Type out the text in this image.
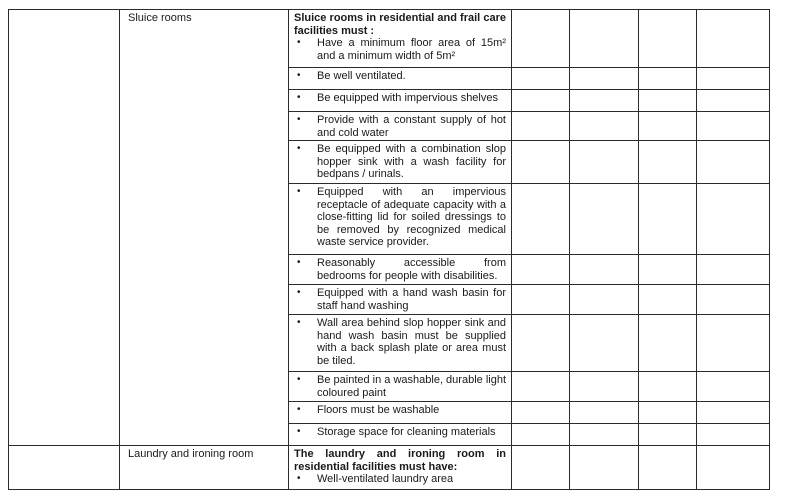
	Sluice rooms	Sluice rooms in residential and frail care facilities must :
• Have a minimum floor area of 15m² and a minimum width of 5m²				

		• Be well ventilated.				

		• Be equipped with impervious shelves				

		• Provide with a constant supply of hot and cold water				

		• Be equipped with a combination slop hopper sink with a wash facility for bedpans / urinals.				

		• Equipped with an impervious receptacle of adequate capacity with a close-fitting lid for soiled dressings to be removed by recognized medical waste service provider.				

		• Reasonably accessible from bedrooms for people with disabilities.				

		• Equipped with a hand wash basin for staff hand washing				

		• Wall area behind slop hopper sink and hand wash basin must be supplied with a back splash plate or area must be tiled.				

		• Be painted in a washable, durable light coloured paint				

		• Floors must be washable				

		• Storage space for cleaning materials				

	Laundry and ironing room	The laundry and ironing room in residential facilities must have:
• Well-ventilated laundry area				
